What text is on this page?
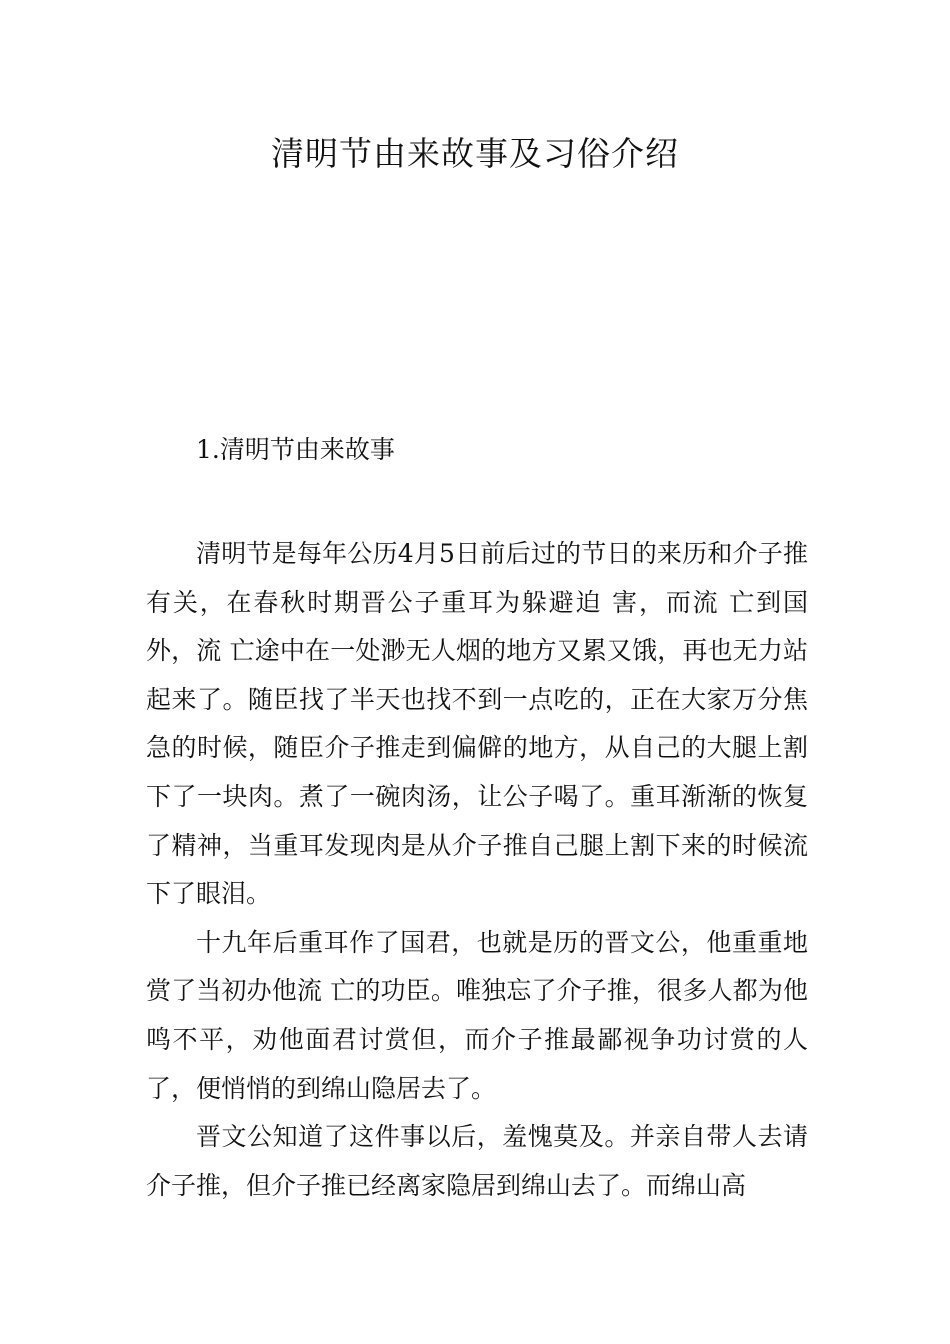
清明节由来故事及习俗介绍
1.清明节由来故事

清明节是每年公历4月5日前后过的节日的来历和介子推有关，在春秋时期晋公子重耳为躲避迫 害，而流 亡到国外，流 亡途中在一处渺无人烟的地方又累又饿，再也无力站起来了。随臣找了半天也找不到一点吃的，正在大家万分焦急的时候，随臣介子推走到偏僻的地方，从自己的大腿上割下了一块肉。煮了一碗肉汤，让公子喝了。重耳渐渐的恢复了精神，当重耳发现肉是从介子推自己腿上割下来的时候流下了眼泪。

十九年后重耳作了国君，也就是历的晋文公，他重重地赏了当初办他流 亡的功臣。唯独忘了介子推，很多人都为他鸣不平，劝他面君讨赏但，而介子推最鄙视争功讨赏的人了，便悄悄的到绵山隐居去了。

晋文公知道了这件事以后，羞愧莫及。并亲自带人去请介子推，但介子推已经离家隐居到绵山去了。而绵山高
